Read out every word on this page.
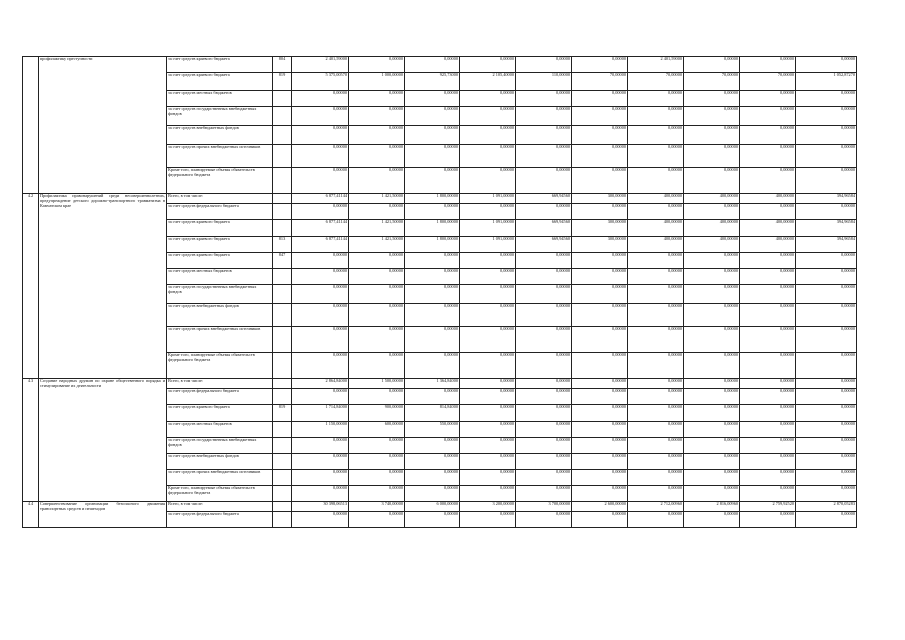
	профилактику преступности	за счет средств краевого бюджета	804	2 401,59000	0,00000	0,00000	0,00000	0,00000	0,00000	2 401,59000	0,00000	0,00000	0,00000
		за счет средств краевого бюджета	819	5 375,00570	1 000,00000	925,73000	2 105,40000	110,00000	70,00000	70,00000	70,00000	70,00000	1 052,87270
		за счет средств местных бюджетов		0,00000	0,00000	0,00000	0,00000	0,00000	0,00000	0,00000	0,00000	0,00000	0,00000
		за счет средств государственных внебюджетных фондов		0,00000	0,00000	0,00000	0,00000	0,00000	0,00000	0,00000	0,00000	0,00000	0,00000
		за счет средств внебюджетных фондов		0,00000	0,00000	0,00000	0,00000	0,00000	0,00000	0,00000	0,00000	0,00000	0,00000
		за счет средств прочих внебюджетных источников		0,00000	0,00000	0,00000	0,00000	0,00000	0,00000	0,00000	0,00000	0,00000	0,00000
		Кроме того, планируемые объемы обязательств федерального бюджета		0,00000	0,00000	0,00000	0,00000	0,00000	0,00000	0,00000	0,00000	0,00000	0,00000
4.2	Профилактика правонарушений среди несовершеннолетних, предупреждение детского дорожно-транспортного травматизма в Камчатском крае	Всего, в том числе:		6 877,41144	1 421,50000	1 800,00000	1 091,00000	669,94560	300,00000	400,00000	400,00000	400,00000	394,96584
		за счет средств федерального бюджета		0,00000	0,00000	0,00000	0,00000	0,00000	0,00000	0,00000	0,00000	0,00000	0,00000
		за счет средств краевого бюджета		6 877,41144	1 421,50000	1 800,00000	1 091,00000	669,94560	300,00000	400,00000	400,00000	400,00000	394,96584
		за счет средств краевого бюджета	813	6 877,41144	1 421,50000	1 800,00000	1 091,00000	669,94560	300,00000	400,00000	400,00000	400,00000	394,96584
		за счет средств краевого бюджета	847	0,00000	0,00000	0,00000	0,00000	0,00000	0,00000	0,00000	0,00000	0,00000	0,00000
		за счет средств местных бюджетов		0,00000	0,00000	0,00000	0,00000	0,00000	0,00000	0,00000	0,00000	0,00000	0,00000
		за счет средств государственных внебюджетных фондов		0,00000	0,00000	0,00000	0,00000	0,00000	0,00000	0,00000	0,00000	0,00000	0,00000
		за счет средств внебюджетных фондов		0,00000	0,00000	0,00000	0,00000	0,00000	0,00000	0,00000	0,00000	0,00000	0,00000
		за счет средств прочих внебюджетных источников		0,00000	0,00000	0,00000	0,00000	0,00000	0,00000	0,00000	0,00000	0,00000	0,00000
		Кроме того, планируемые объемы обязательств федерального бюджета		0,00000	0,00000	0,00000	0,00000	0,00000	0,00000	0,00000	0,00000	0,00000	0,00000
4.3	Создание народных дружин по охране общественного порядка и стимулирование их деятельности	Всего, в том числе:		2 864,84000	1 500,00000	1 364,84000	0,00000	0,00000	0,00000	0,00000	0,00000	0,00000	0,00000
		за счет средств федерального бюджета		0,00000	0,00000	0,00000	0,00000	0,00000	0,00000	0,00000	0,00000	0,00000	0,00000
		за счет средств краевого бюджета	819	1 714,84000	900,00000	814,84000	0,00000	0,00000	0,00000	0,00000	0,00000	0,00000	0,00000
		за счет средств местных бюджетов		1 150,00000	600,00000	550,00000	0,00000	0,00000	0,00000	0,00000	0,00000	0,00000	0,00000
		за счет средств государственных внебюджетных фондов		0,00000	0,00000	0,00000	0,00000	0,00000	0,00000	0,00000	0,00000	0,00000	0,00000
		за счет средств внебюджетных фондов		0,00000	0,00000	0,00000	0,00000	0,00000	0,00000	0,00000	0,00000	0,00000	0,00000
		за счет средств прочих внебюджетных источников		0,00000	0,00000	0,00000	0,00000	0,00000	0,00000	0,00000	0,00000	0,00000	0,00000
		Кроме того, планируемые объемы обязательств федерального бюджета		0,00000	0,00000	0,00000	0,00000	0,00000	0,00000	0,00000	0,00000	0,00000	0,00000
4.4	Совершенствование организации безопасного движения транспортных средств и пешеходов	Всего, в том числе:		30 398,06513	3 740,00000	6 000,00000	3 200,00000	3 700,00000	2 600,00000	2 712,00960	2 816,00960	2 759,92520	2 870,05283
		за счет средств федерального бюджета		0,00000	0,00000	0,00000	0,00000	0,00000	0,00000	0,00000	0,00000	0,00000	0,00000
